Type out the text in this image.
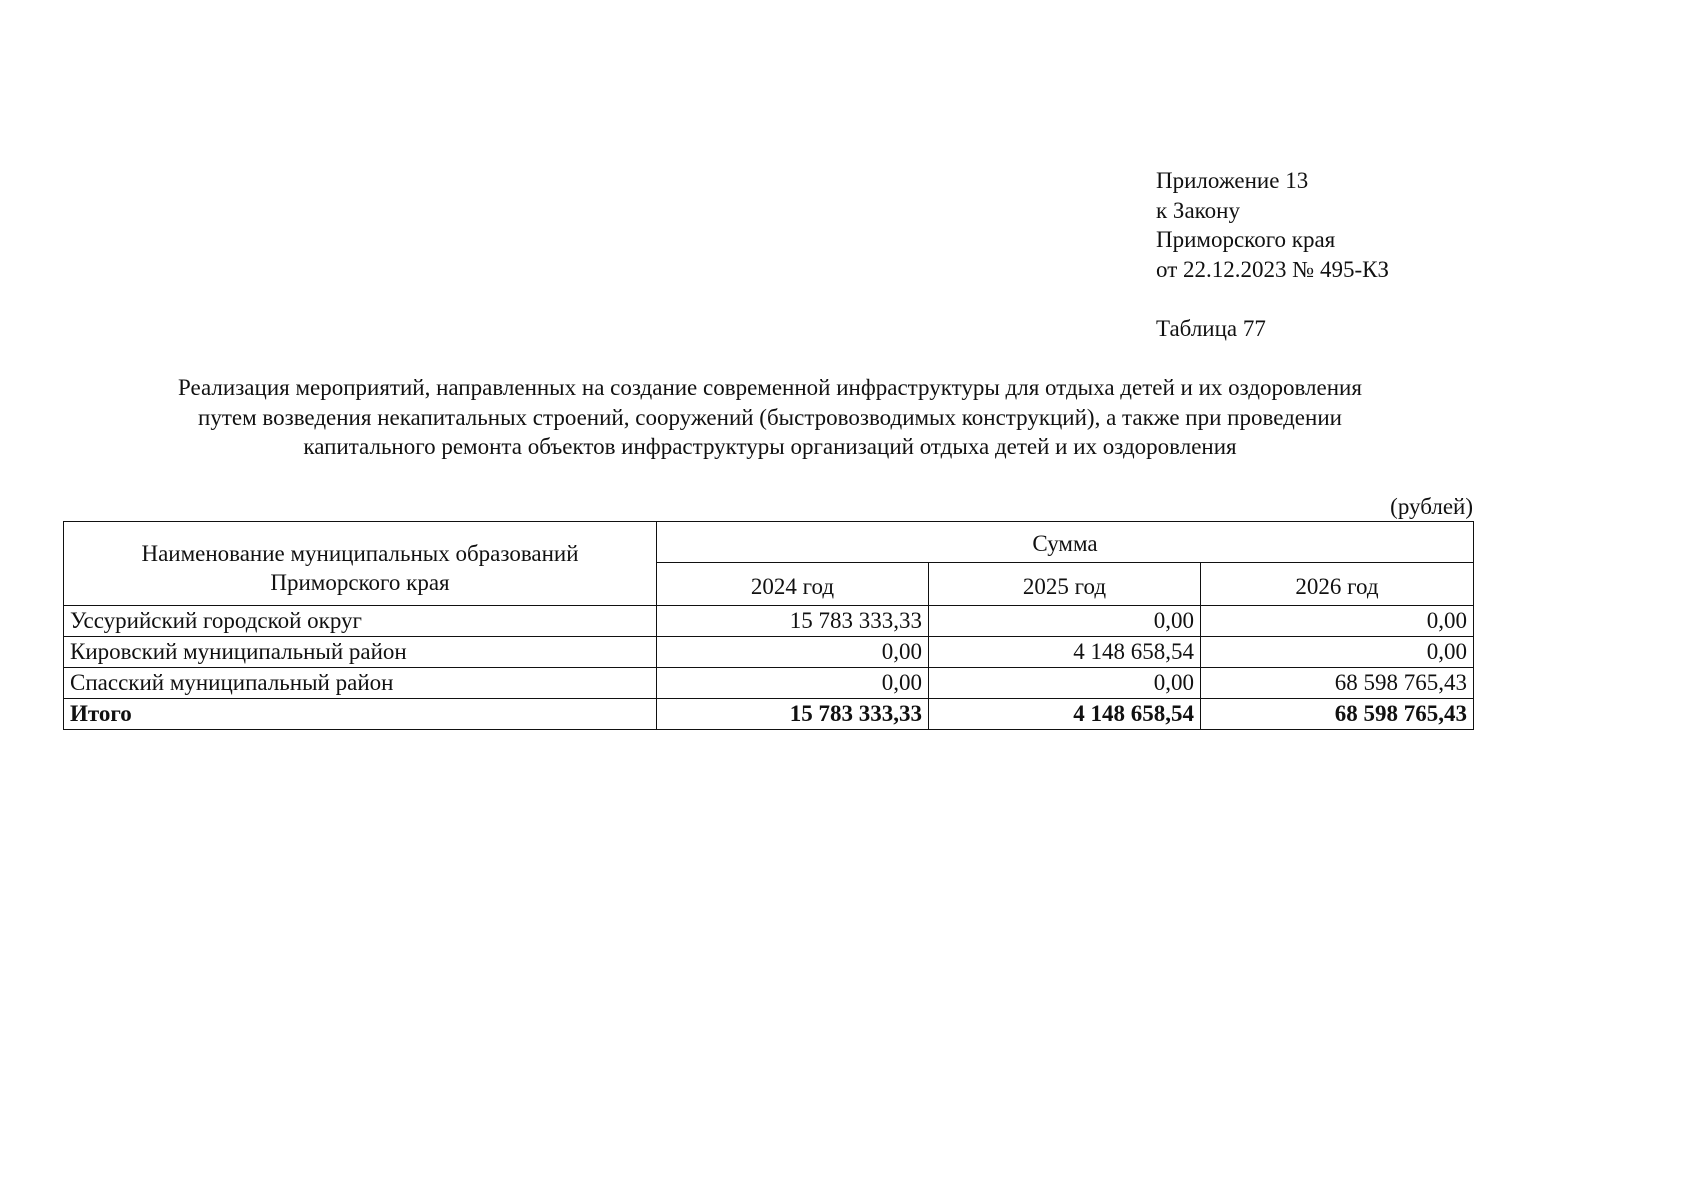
Приложение 13
к Закону
Приморского края
от 22.12.2023 № 495-КЗ
Таблица 77
Реализация мероприятий, направленных на создание современной инфраструктуры для отдыха детей и их оздоровления
путем возведения некапитальных строений, сооружений (быстровозводимых конструкций), а также при проведении
капитального ремонта объектов инфраструктуры организаций отдыха детей и их оздоровления
(рублей)
Наименование муниципальных образований
Приморского края	Сумма		
	2024 год	2025 год	2026 год
Уссурийский городской округ	15 783 333,33	0,00	0,00
Кировский муниципальный район	0,00	4 148 658,54	0,00
Спасский муниципальный район	0,00	0,00	68 598 765,43
Итого	15 783 333,33	4 148 658,54	68 598 765,43
